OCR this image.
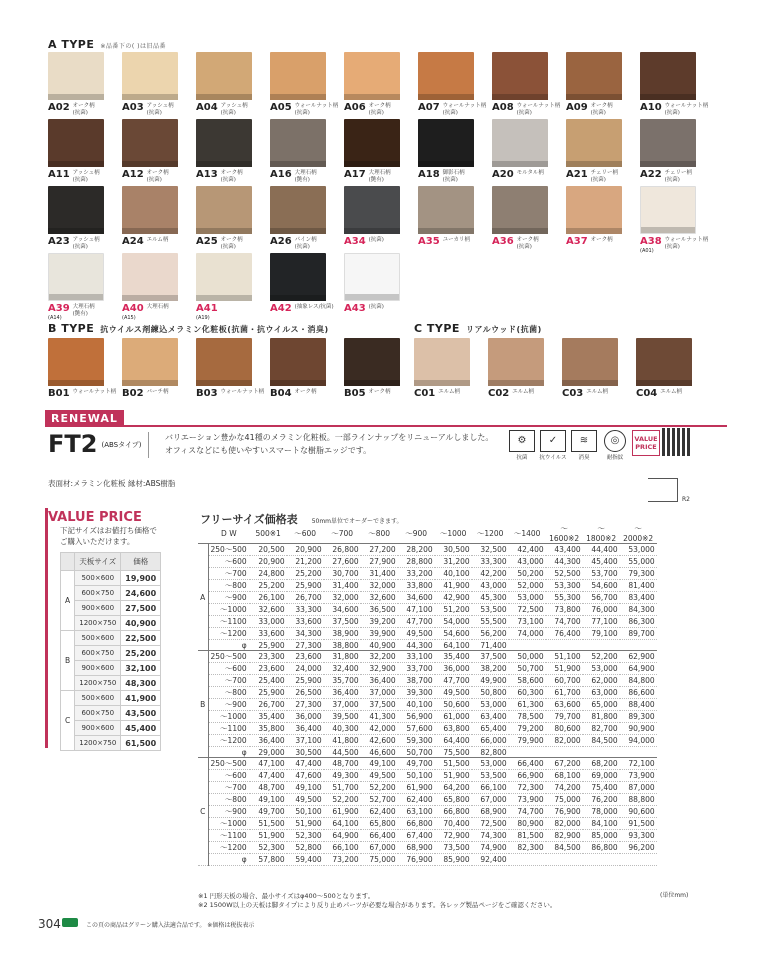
A TYPE ※品番下の( )は旧品番
A02 オーク柄
(抗菌)	A03 アッシュ柄
(抗菌)	A04 アッシュ柄
(抗菌)	A05 ウォールナット柄
(抗菌)	A06 オーク柄
(抗菌)	A07 ウォールナット柄
(抗菌)	A08 ウォールナット柄
(抗菌)	A09 オーク柄
(抗菌)	A10 ウォールナット柄
(抗菌)
A11 アッシュ柄
(抗菌)	A12 オーク柄
(抗菌)	A13 オーク柄
(抗菌)	A16 大理石柄
(艶有)	A17 大理石柄
(艶有)	A18 御影石柄
(抗菌)	A20 モルタル柄 A21 チェリー柄
(抗菌)	A22 チェリー柄
(抗菌)
A23 アッシュ柄
(抗菌)	A24 エルム柄	A25 オーク柄
(抗菌)	A26 パイン柄
(抗菌)	A34 (抗菌)	A35 ユーカリ柄 A36 オーク柄
(抗菌)	A37 オーク柄	A38 ウォールナット柄
(抗菌)
(A01)
A39 大理石柄
(艶有)
(A14)
A40 大理石柄
(A15)
A41
(A19)
A42 (抽象レス/抗菌) A43 (抗菌)
B TYPE 抗ウイルス剤練込メラミン化粧板(抗菌・抗ウイルス・消臭)	C TYPE リアルウッド(抗菌)
B01 ウォールナット柄 B02 バーチ柄	B03 ウォールナット柄 B04 オーク柄	B05 オーク柄 C01 エルム柄	C02 エルム柄	C03 エルム柄	C04 エルム柄
RENEWAL
FT2 (ABSタイプ)
バリエーション豊かな41種のメラミン化粧板。一部ラインナップをリニューアルしました。
オフィスなどにも使いやすいスマートな樹脂エッジです。
⚙
抗菌
✓
抗ウイルス
≋
消臭
◎
耐指紋
VALUE
PRICE
表面材:メラミン化粧板 縁材:ABS樹脂
R2
VALUE PRICE
下記サイズはお値打ち価格で
ご購入いただけます。
	天板サイズ	価格
A	500×600	19,900
	600×750	24,600
	900×600	27,500
	1200×750	40,900
B	500×600	22,500
	600×750	25,200
	900×600	32,100
	1200×750	48,300
C	500×600	41,900
	600×750	43,500
	900×600	45,400
	1200×750	61,500
フリーサイズ価格表 50mm単位でオーダーできます。
	D W	500※1	～600	～700	～800	～900	～1000	～1200	～1400	～1600※2	～1800※2	～2000※2
A	250～500	20,500	20,900	26,800	27,200	28,200	30,500	32,500	42,400	43,400	44,400	53,000
	～600	20,900	21,200	27,600	27,900	28,800	31,200	33,300	43,000	44,300	45,400	55,000
	～700	24,800	25,200	30,700	31,400	33,200	40,100	42,200	50,200	52,500	53,700	79,300
	～800	25,200	25,900	31,400	32,000	33,800	41,900	43,000	52,000	53,300	54,600	81,400
	～900	26,100	26,700	32,000	32,600	34,600	42,900	45,300	53,000	55,300	56,700	83,400
	～1000	32,600	33,300	34,600	36,500	47,100	51,200	53,500	72,500	73,800	76,000	84,300
	～1100	33,000	33,600	37,500	39,200	47,700	54,000	55,500	73,100	74,700	77,100	86,300
	～1200	33,600	34,300	38,900	39,900	49,500	54,600	56,200	74,000	76,400	79,100	89,700
	φ	25,900	27,300	38,800	40,900	44,300	64,100	71,400				
B	250～500	23,300	23,600	31,800	32,200	33,100	35,400	37,500	50,000	51,100	52,200	62,900
	～600	23,600	24,000	32,400	32,900	33,700	36,000	38,200	50,700	51,900	53,000	64,900
	～700	25,400	25,900	35,700	36,400	38,700	47,700	49,900	58,600	60,700	62,000	84,800
	～800	25,900	26,500	36,400	37,000	39,300	49,500	50,800	60,300	61,700	63,000	86,600
	～900	26,700	27,300	37,000	37,500	40,100	50,600	53,000	61,300	63,600	65,000	88,400
	～1000	35,400	36,000	39,500	41,300	56,900	61,000	63,400	78,500	79,700	81,800	89,300
	～1100	35,800	36,400	40,300	42,000	57,600	63,800	65,400	79,200	80,600	82,700	90,900
	～1200	36,400	37,100	41,800	42,600	59,300	64,400	66,000	79,900	82,000	84,500	94,000
	φ	29,000	30,500	44,500	46,600	50,700	75,500	82,800				
C	250～500	47,100	47,400	48,700	49,100	49,700	51,500	53,000	66,400	67,200	68,200	72,100
	～600	47,400	47,600	49,300	49,500	50,100	51,900	53,500	66,900	68,100	69,000	73,900
	～700	48,700	49,100	51,700	52,200	61,900	64,200	66,100	72,300	74,200	75,400	87,000
	～800	49,100	49,500	52,200	52,700	62,400	65,800	67,000	73,900	75,000	76,200	88,800
	～900	49,700	50,100	61,900	62,400	63,100	66,800	68,900	74,700	76,900	78,000	90,600
	～1000	51,500	51,900	64,100	65,800	66,800	70,400	72,500	80,900	82,000	84,100	91,500
	～1100	51,900	52,300	64,900	66,400	67,400	72,900	74,300	81,500	82,900	85,000	93,300
	～1200	52,300	52,800	66,100	67,000	68,900	73,500	74,900	82,300	84,500	86,800	96,200
	φ	57,800	59,400	73,200	75,000	76,900	85,900	92,400				
(単位mm)
※1 円形天板の場合、最小サイズはφ400～500となります。
※2 1500W以上の天板は脚タイプにより反り止めパーツが必要な場合があります。各レッグ製品ページをご確認ください。
304	この頁の商品はグリーン購入法適合品です。 ※価格は税抜表示
